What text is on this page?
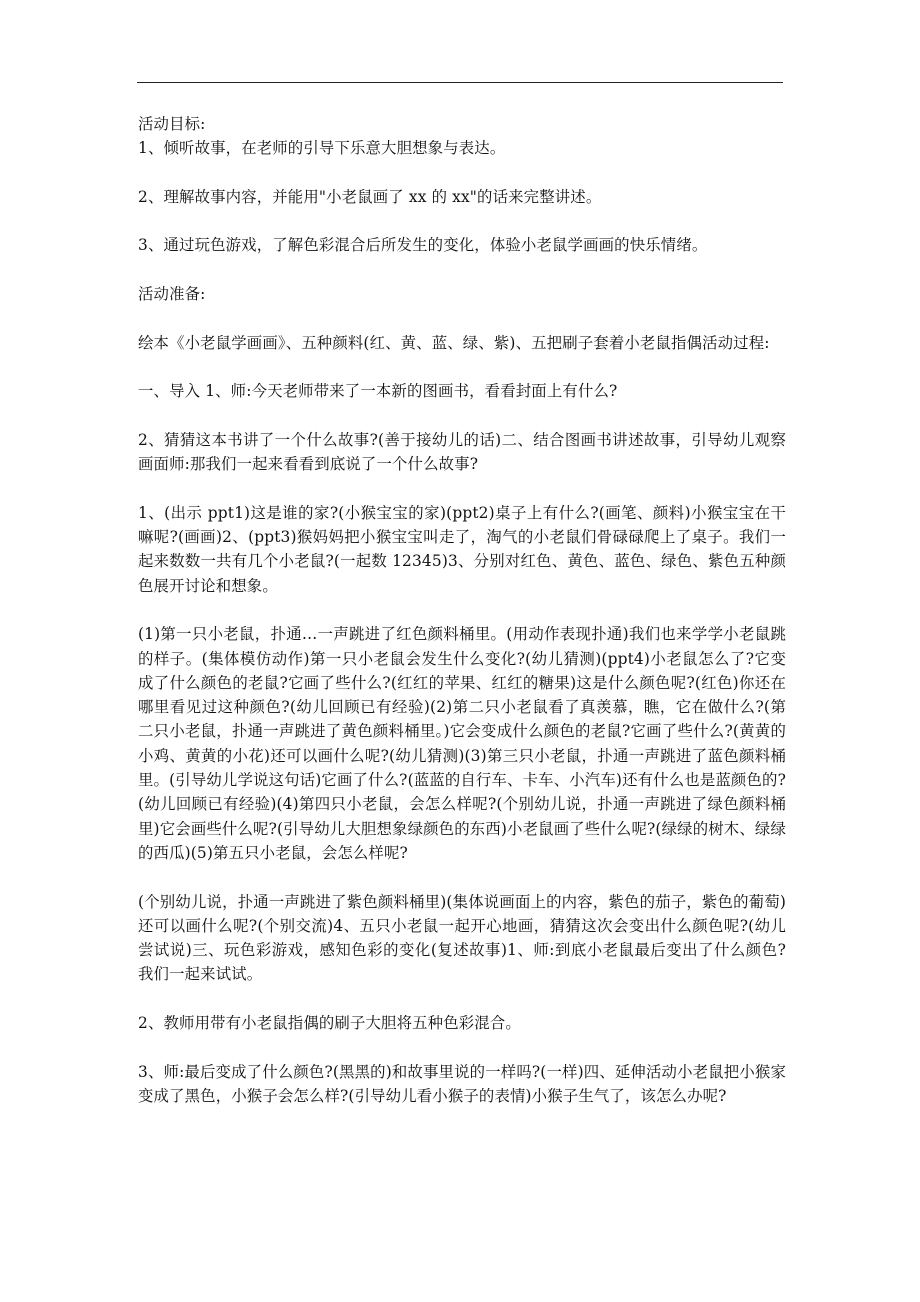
活动目标:

1、倾听故事，在老师的引导下乐意大胆想象与表达。

2、理解故事内容，并能用"小老鼠画了 xx 的 xx"的话来完整讲述。

3、通过玩色游戏，了解色彩混合后所发生的变化，体验小老鼠学画画的快乐情绪。

活动准备:

绘本《小老鼠学画画》、五种颜料(红、黄、蓝、绿、紫)、五把刷子套着小老鼠指偶活动过程:

一、导入 1、师:今天老师带来了一本新的图画书，看看封面上有什么?

2、猜猜这本书讲了一个什么故事?(善于接幼儿的话)二、结合图画书讲述故事，引导幼儿观察画面师:那我们一起来看看到底说了一个什么故事?

1、(出示 ppt1)这是谁的家?(小猴宝宝的家)(ppt2)桌子上有什么?(画笔、颜料)小猴宝宝在干嘛呢?(画画)2、(ppt3)猴妈妈把小猴宝宝叫走了，淘气的小老鼠们骨碌碌爬上了桌子。我们一起来数数一共有几个小老鼠?(一起数 12345)3、分别对红色、黄色、蓝色、绿色、紫色五种颜色展开讨论和想象。

(1)第一只小老鼠，扑通…一声跳进了红色颜料桶里。(用动作表现扑通)我们也来学学小老鼠跳的样子。(集体模仿动作)第一只小老鼠会发生什么变化?(幼儿猜测)(ppt4)小老鼠怎么了?它变成了什么颜色的老鼠?它画了些什么?(红红的苹果、红红的糖果)这是什么颜色呢?(红色)你还在哪里看见过这种颜色?(幼儿回顾已有经验)(2)第二只小老鼠看了真羡慕，瞧，它在做什么?(第二只小老鼠，扑通一声跳进了黄色颜料桶里。)它会变成什么颜色的老鼠?它画了些什么?(黄黄的小鸡、黄黄的小花)还可以画什么呢?(幼儿猜测)(3)第三只小老鼠，扑通一声跳进了蓝色颜料桶里。(引导幼儿学说这句话)它画了什么?(蓝蓝的自行车、卡车、小汽车)还有什么也是蓝颜色的?(幼儿回顾已有经验)(4)第四只小老鼠，会怎么样呢?(个别幼儿说，扑通一声跳进了绿色颜料桶里)它会画些什么呢?(引导幼儿大胆想象绿颜色的东西)小老鼠画了些什么呢?(绿绿的树木、绿绿的西瓜)(5)第五只小老鼠，会怎么样呢?

(个别幼儿说，扑通一声跳进了紫色颜料桶里)(集体说画面上的内容，紫色的茄子，紫色的葡萄)还可以画什么呢?(个别交流)4、五只小老鼠一起开心地画，猜猜这次会变出什么颜色呢?(幼儿尝试说)三、玩色彩游戏，感知色彩的变化(复述故事)1、师:到底小老鼠最后变出了什么颜色?我们一起来试试。

2、教师用带有小老鼠指偶的刷子大胆将五种色彩混合。

3、师:最后变成了什么颜色?(黑黑的)和故事里说的一样吗?(一样)四、延伸活动小老鼠把小猴家变成了黑色，小猴子会怎么样?(引导幼儿看小猴子的表情)小猴子生气了，该怎么办呢?
